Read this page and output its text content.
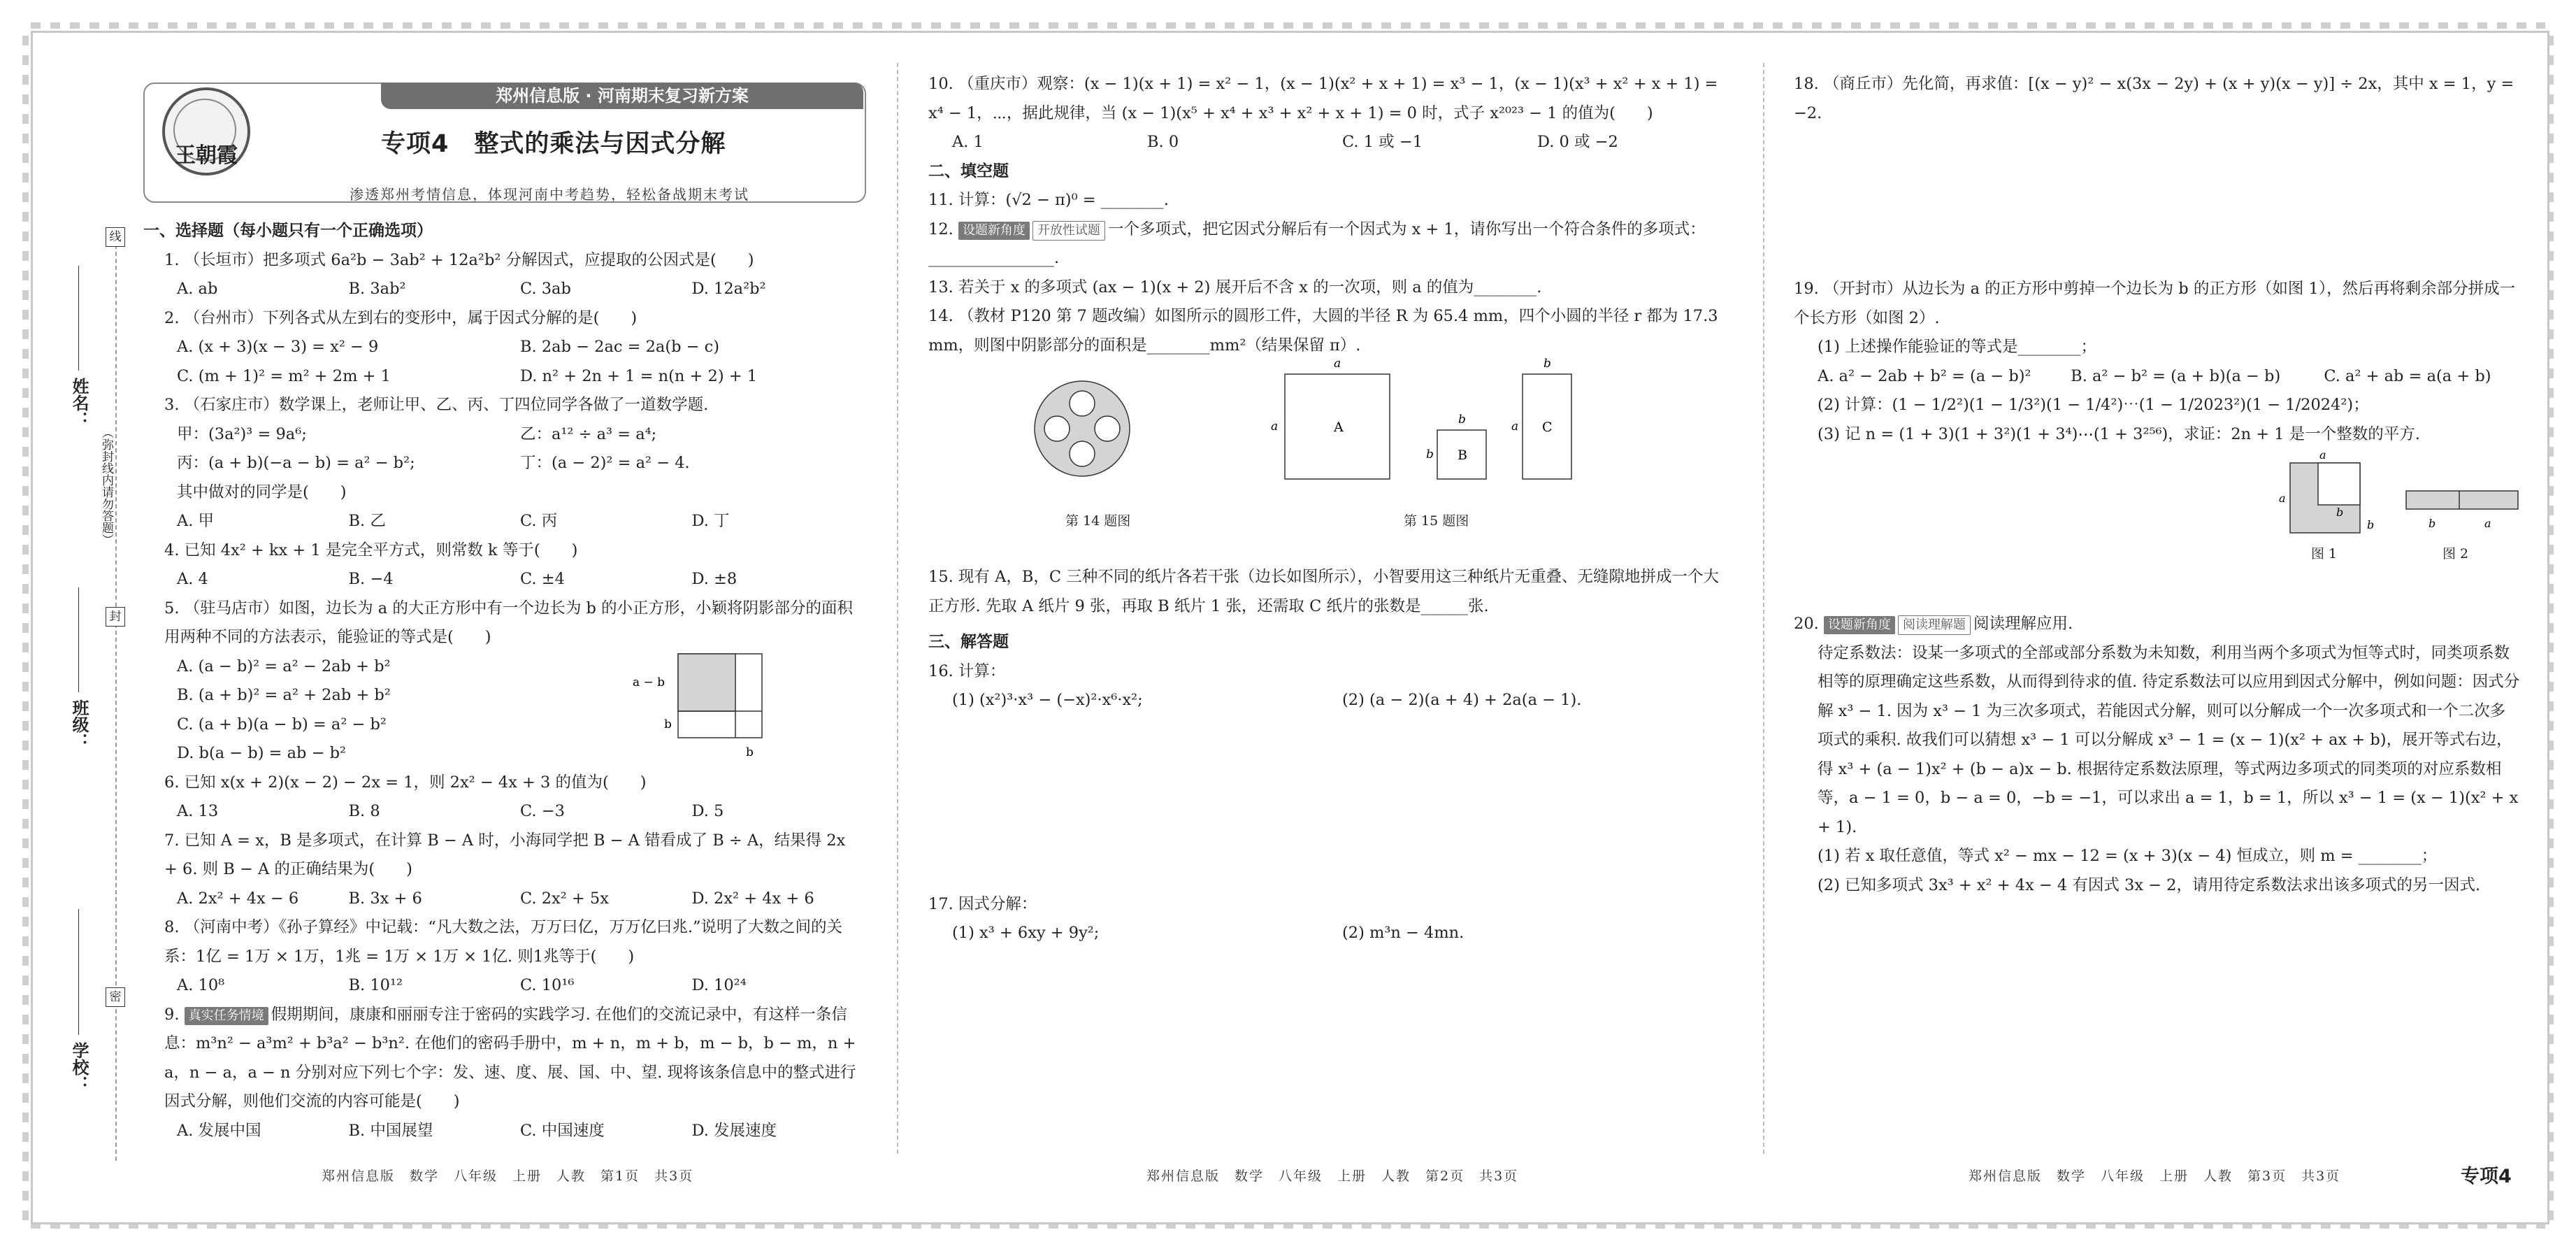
王朝霞
郑州信息版 · 河南期末复习新方案
专项4　整式的乘法与因式分解
渗透郑州考情信息，体现河南中考趋势，轻松备战期末考试
姓名：
班级：
学校：
（弥封线内请勿答题）
线
封
密
一、选择题（每小题只有一个正确选项）
1. （长垣市）把多项式 6a²b − 3ab² + 12a²b² 分解因式，应提取的公因式是(　　)
A. ab	B. 3ab²	C. 3ab	D. 12a²b²
2. （台州市）下列各式从左到右的变形中，属于因式分解的是(　　)
A. (x + 3)(x − 3) = x² − 9	B. 2ab − 2ac = 2a(b − c)
C. (m + 1)² = m² + 2m + 1	D. n² + 2n + 1 = n(n + 2) + 1
3. （石家庄市）数学课上，老师让甲、乙、丙、丁四位同学各做了一道数学题.
甲：(3a²)³ = 9a⁶;	乙：a¹² ÷ a³ = a⁴;
丙：(a + b)(−a − b) = a² − b²;	丁：(a − 2)² = a² − 4.
其中做对的同学是(　　)
A. 甲	B. 乙	C. 丙	D. 丁
4. 已知 4x² + kx + 1 是完全平方式，则常数 k 等于(　　)
A. 4	B. −4	C. ±4	D. ±8
5. （驻马店市）如图，边长为 a 的大正方形中有一个边长为 b 的小正方形，小颖将阴影部分的面积用两种不同的方法表示，能验证的等式是(　　)
A. (a − b)² = a² − 2ab + b²
B. (a + b)² = a² + 2ab + b²
C. (a + b)(a − b) = a² − b²
D. b(a − b) = ab − b²
a − b
b
b
6. 已知 x(x + 2)(x − 2) − 2x = 1，则 2x² − 4x + 3 的值为(　　)
A. 13	B. 8	C. −3	D. 5
7. 已知 A = x，B 是多项式，在计算 B − A 时，小海同学把 B − A 错看成了 B ÷ A，结果得 2x + 6. 则 B − A 的正确结果为(　　)
A. 2x² + 4x − 6	B. 3x + 6	C. 2x² + 5x	D. 2x² + 4x + 6
8. （河南中考）《孙子算经》中记载：“凡大数之法，万万曰亿，万万亿曰兆.”说明了大数之间的关系：1亿 = 1万 × 1万，1兆 = 1万 × 1万 × 1亿. 则1兆等于(　　)
A. 10⁸	B. 10¹²	C. 10¹⁶	D. 10²⁴
9. 真实任务情境 假期期间，康康和丽丽专注于密码的实践学习. 在他们的交流记录中，有这样一条信息：m³n² − a³m² + b³a² − b³n². 在他们的密码手册中，m + n，m + b，m − b，b − m，n + a，n − a，a − n 分别对应下列七个字：发、速、度、展、国、中、望. 现将该条信息中的整式进行因式分解，则他们交流的内容可能是(　　)
A. 发展中国	B. 中国展望	C. 中国速度	D. 发展速度
10. （重庆市）观察：(x − 1)(x + 1) = x² − 1，(x − 1)(x² + x + 1) = x³ − 1，(x − 1)(x³ + x² + x + 1) = x⁴ − 1，⋯，据此规律，当 (x − 1)(x⁵ + x⁴ + x³ + x² + x + 1) = 0 时，式子 x²⁰²³ − 1 的值为(　　)
A. 1	B. 0	C. 1 或 −1	D. 0 或 −2
二、填空题
11. 计算：(√2 − π)⁰ = ________.
12. 设题新角度 开放性试题 一个多项式，把它因式分解后有一个因式为 x + 1，请你写出一个符合条件的多项式：________________.
13. 若关于 x 的多项式 (ax − 1)(x + 2) 展开后不含 x 的一次项，则 a 的值为________.
14. （教材 P120 第 7 题改编）如图所示的圆形工件，大圆的半径 R 为 65.4 mm，四个小圆的半径 r 都为 17.3 mm，则图中阴影部分的面积是________mm²（结果保留 π）.
第 14 题图
a
a	A	b
b B
b
a C
第 15 题图
15. 现有 A，B，C 三种不同的纸片各若干张（边长如图所示），小智要用这三种纸片无重叠、无缝隙地拼成一个大正方形. 先取 A 纸片 9 张，再取 B 纸片 1 张，还需取 C 纸片的张数是______张.
三、解答题
16. 计算：
(1) (x²)³·x³ − (−x)²·x⁶·x²;	(2) (a − 2)(a + 4) + 2a(a − 1).
17. 因式分解：
(1) x³ + 6xy + 9y²;	(2) m³n − 4mn.
18. （商丘市）先化简，再求值：[(x − y)² − x(3x − 2y) + (x + y)(x − y)] ÷ 2x，其中 x = 1，y = −2.
19. （开封市）从边长为 a 的正方形中剪掉一个边长为 b 的正方形（如图 1），然后再将剩余部分拼成一个长方形（如图 2）.
(1) 上述操作能验证的等式是________；
A. a² − 2ab + b² = (a − b)²	B. a² − b² = (a + b)(a − b)	C. a² + ab = a(a + b)
(2) 计算：(1 − 1/2²)(1 − 1/3²)(1 − 1/4²)⋯(1 − 1/2023²)(1 − 1/2024²)；
(3) 记 n = (1 + 3)(1 + 3²)(1 + 3⁴)⋯(1 + 3²⁵⁶)，求证：2n + 1 是一个整数的平方.
a
b
a
b	b	a
图 1	图 2
20. 设题新角度 阅读理解题 阅读理解应用.
待定系数法：设某一多项式的全部或部分系数为未知数，利用当两个多项式为恒等式时，同类项系数相等的原理确定这些系数，从而得到待求的值. 待定系数法可以应用到因式分解中，例如问题：因式分解 x³ − 1. 因为 x³ − 1 为三次多项式，若能因式分解，则可以分解成一个一次多项式和一个二次多项式的乘积. 故我们可以猜想 x³ − 1 可以分解成 x³ − 1 = (x − 1)(x² + ax + b)，展开等式右边，得 x³ + (a − 1)x² + (b − a)x − b. 根据待定系数法原理，等式两边多项式的同类项的对应系数相等，a − 1 = 0，b − a = 0，−b = −1，可以求出 a = 1，b = 1，所以 x³ − 1 = (x − 1)(x² + x + 1).
(1) 若 x 取任意值，等式 x² − mx − 12 = (x + 3)(x − 4) 恒成立，则 m = ________；
(2) 已知多项式 3x³ + x² + 4x − 4 有因式 3x − 2，请用待定系数法求出该多项式的另一因式.
郑州信息版　数学　八年级　上册　人教　第1页　共3页	郑州信息版　数学　八年级　上册　人教　第2页　共3页	郑州信息版　数学　八年级　上册　人教　第3页　共3页	专项4
